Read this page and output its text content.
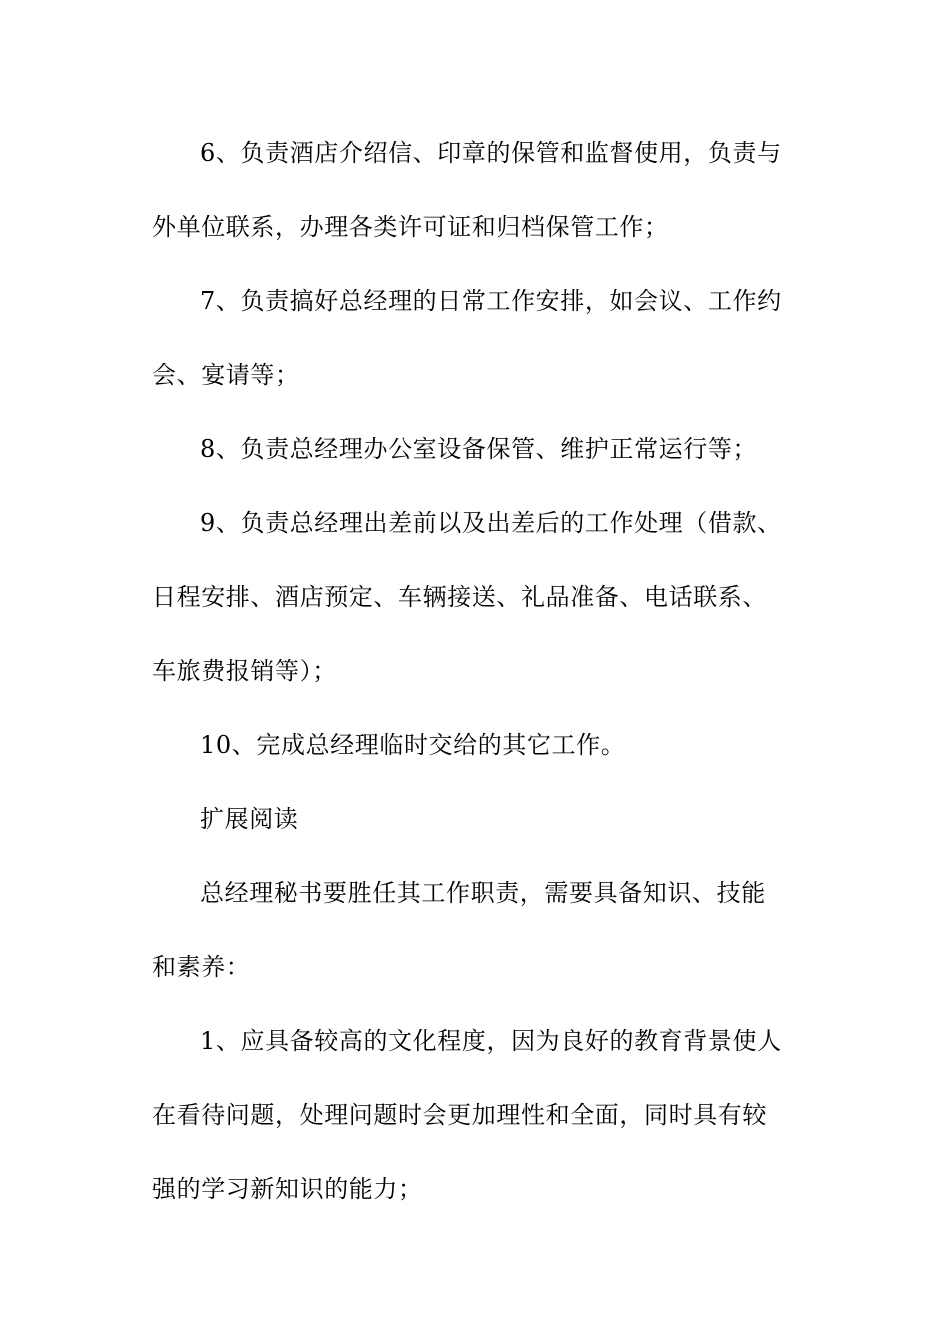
6、负责酒店介绍信、印章的保管和监督使用，负责与
外单位联系，办理各类许可证和归档保管工作；
7、负责搞好总经理的日常工作安排，如会议、工作约
会、宴请等；
8、负责总经理办公室设备保管、维护正常运行等；
9、负责总经理出差前以及出差后的工作处理（借款、
日程安排、酒店预定、车辆接送、礼品准备、电话联系、
车旅费报销等）；
10、完成总经理临时交给的其它工作。
扩展阅读
总经理秘书要胜任其工作职责，需要具备知识、技能
和素养：
1、应具备较高的文化程度，因为良好的教育背景使人
在看待问题，处理问题时会更加理性和全面，同时具有较
强的学习新知识的能力；
